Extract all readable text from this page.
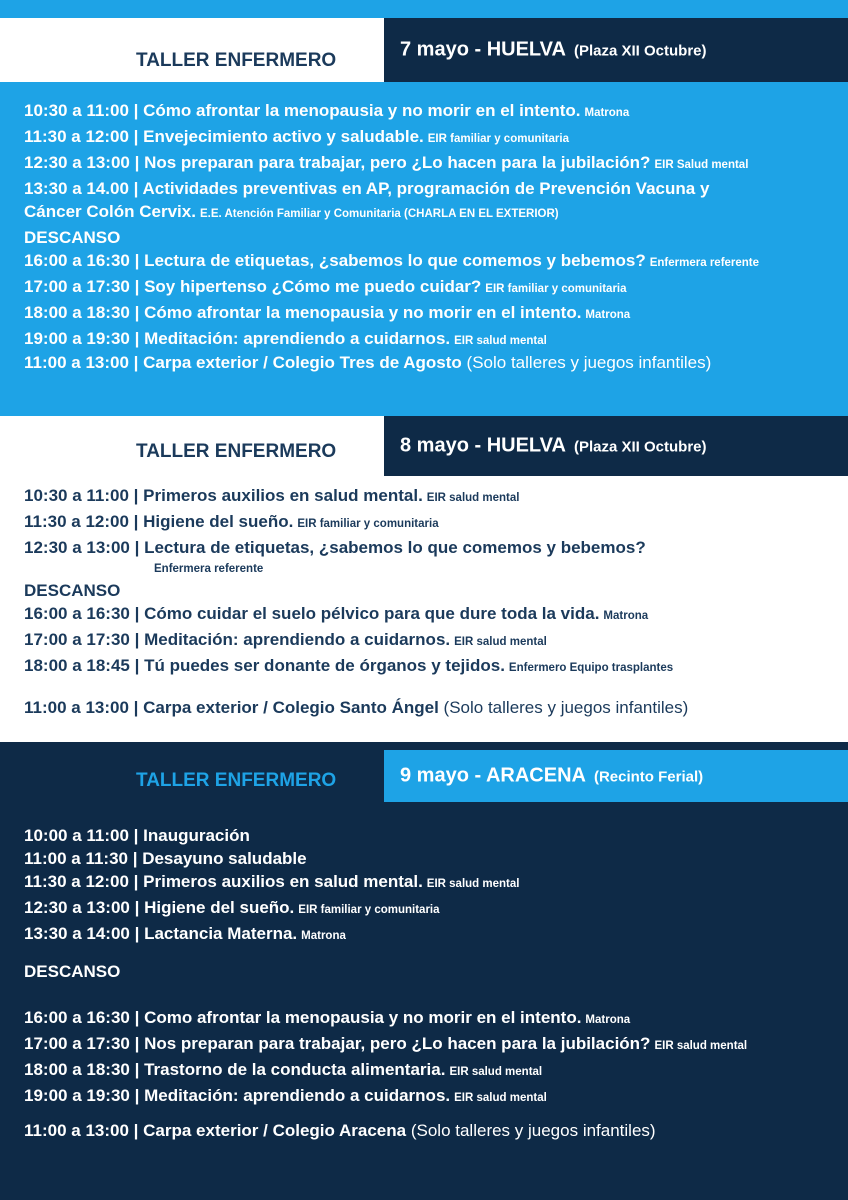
TALLER ENFERMERO	7 mayo - HUELVA (Plaza XII Octubre)
10:30 a 11:00 | Cómo afrontar la menopausia y no morir en el intento. Matrona
11:30 a 12:00 | Envejecimiento activo y saludable. EIR familiar y comunitaria
12:30 a 13:00 | Nos preparan para trabajar, pero ¿Lo hacen para la jubilación? EIR Salud mental
13:30 a 14.00 | Actividades preventivas en AP, programación de Prevención Vacuna y
Cáncer Colón Cervix. E.E. Atención Familiar y Comunitaria (CHARLA EN EL EXTERIOR)
DESCANSO
16:00 a 16:30 | Lectura de etiquetas, ¿sabemos lo que comemos y bebemos? Enfermera referente
17:00 a 17:30 | Soy hipertenso ¿Cómo me puedo cuidar? EIR familiar y comunitaria
18:00 a 18:30 | Cómo afrontar la menopausia y no morir en el intento. Matrona
19:00 a 19:30 | Meditación: aprendiendo a cuidarnos. EIR salud mental
11:00 a 13:00 | Carpa exterior / Colegio Tres de Agosto (Solo talleres y juegos infantiles)
TALLER ENFERMERO	8 mayo - HUELVA (Plaza XII Octubre)
10:30 a 11:00 | Primeros auxilios en salud mental. EIR salud mental
11:30 a 12:00 | Higiene del sueño. EIR familiar y comunitaria
12:30 a 13:00 | Lectura de etiquetas, ¿sabemos lo que comemos y bebemos?
Enfermera referente
DESCANSO
16:00 a 16:30 | Cómo cuidar el suelo pélvico para que dure toda la vida. Matrona
17:00 a 17:30 | Meditación: aprendiendo a cuidarnos. EIR salud mental
18:00 a 18:45 | Tú puedes ser donante de órganos y tejidos. Enfermero Equipo trasplantes
11:00 a 13:00 | Carpa exterior / Colegio Santo Ángel (Solo talleres y juegos infantiles)
TALLER ENFERMERO	9 mayo - ARACENA (Recinto Ferial)
10:00 a 11:00 | Inauguración
11:00 a 11:30 | Desayuno saludable
11:30 a 12:00 | Primeros auxilios en salud mental. EIR salud mental
12:30 a 13:00 | Higiene del sueño. EIR familiar y comunitaria
13:30 a 14:00 | Lactancia Materna. Matrona
DESCANSO
16:00 a 16:30 | Como afrontar la menopausia y no morir en el intento. Matrona
17:00 a 17:30 | Nos preparan para trabajar, pero ¿Lo hacen para la jubilación? EIR salud mental
18:00 a 18:30 | Trastorno de la conducta alimentaria. EIR salud mental
19:00 a 19:30 | Meditación: aprendiendo a cuidarnos. EIR salud mental
11:00 a 13:00 | Carpa exterior / Colegio Aracena (Solo talleres y juegos infantiles)
